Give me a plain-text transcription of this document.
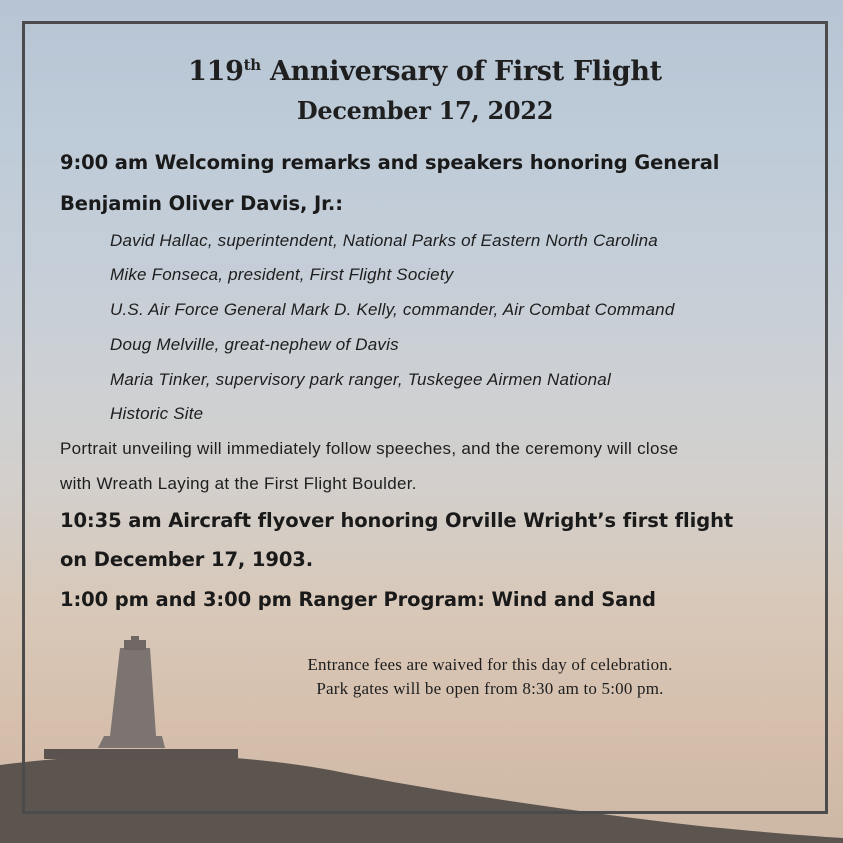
119th Anniversary of First Flight
December 17, 2022
9:00 am Welcoming remarks and speakers honoring General
Benjamin Oliver Davis, Jr.:
David Hallac, superintendent, National Parks of Eastern North Carolina
Mike Fonseca, president, First Flight Society
U.S. Air Force General Mark D. Kelly, commander, Air Combat Command
Doug Melville, great-nephew of Davis
Maria Tinker, supervisory park ranger, Tuskegee Airmen National
Historic Site
Portrait unveiling will immediately follow speeches, and the ceremony will close
with Wreath Laying at the First Flight Boulder.
10:35 am Aircraft flyover honoring Orville Wright’s first flight
on December 17, 1903.
1:00 pm and 3:00 pm Ranger Program: Wind and Sand
Entrance fees are waived for this day of celebration.
Park gates will be open from 8:30 am to 5:00 pm.
